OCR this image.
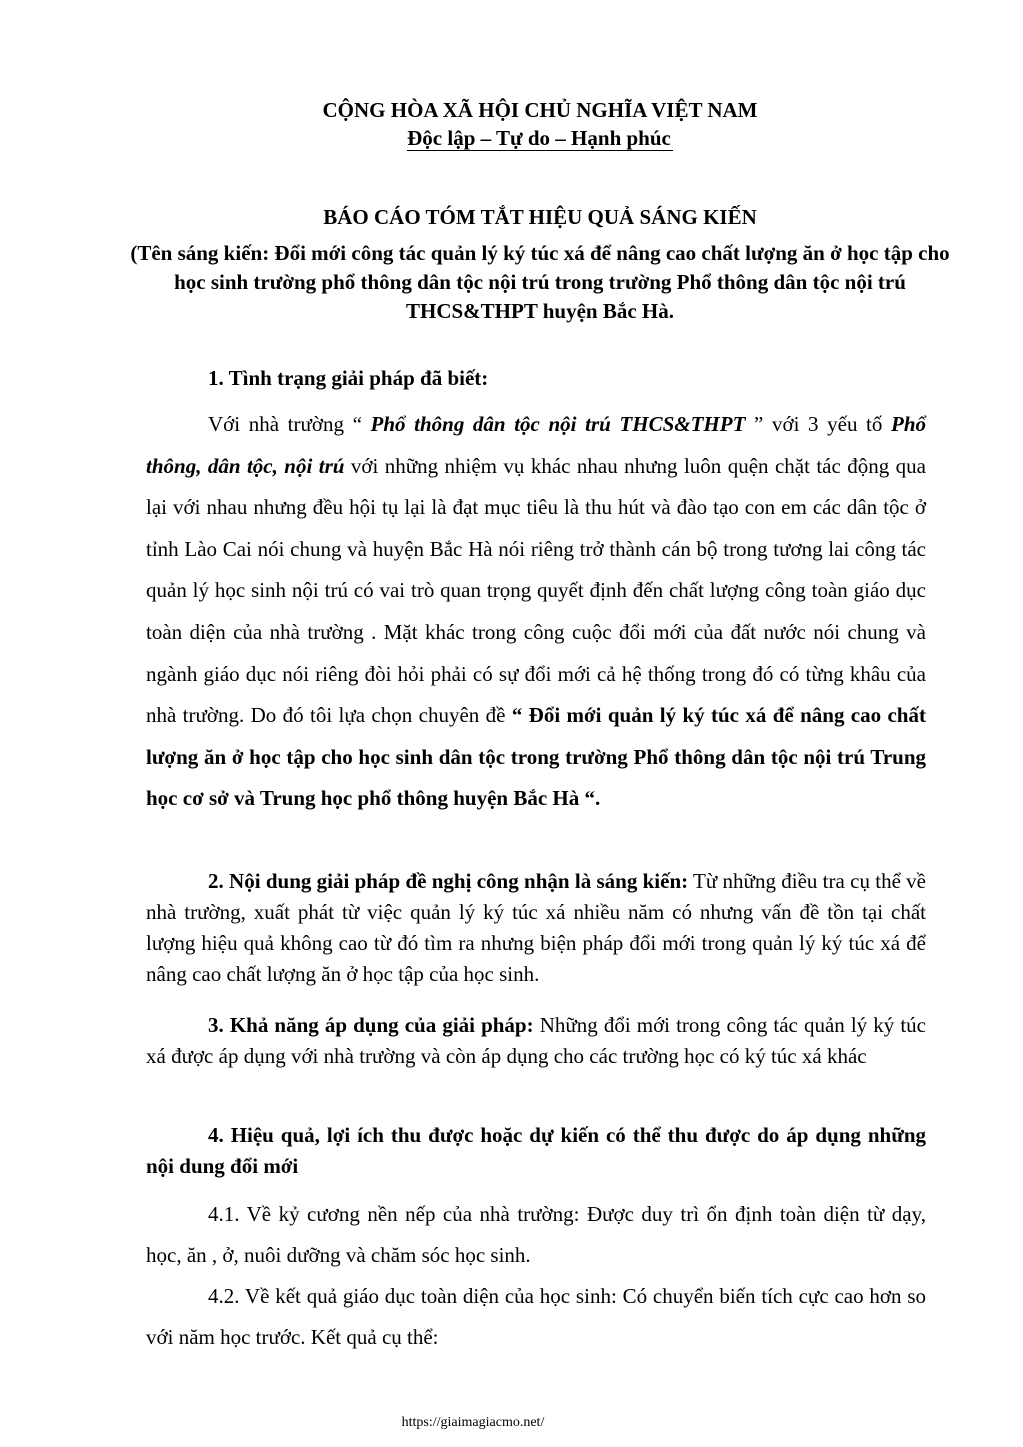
CỘNG HÒA XÃ HỘI CHỦ NGHĨA VIỆT NAM
Độc lập – Tự do – Hạnh phúc
BÁO CÁO TÓM TẮT HIỆU QUẢ SÁNG KIẾN
(Tên sáng kiến: Đổi mới công tác quản lý ký túc xá để nâng cao chất lượng ăn ở học tập cho học sinh trường phổ thông dân tộc nội trú trong trường Phổ thông dân tộc nội trú THCS&THPT huyện Bắc Hà.
1. Tình trạng giải pháp đã biết:
Với nhà trường “ Phổ thông dân tộc nội trú THCS&THPT ” với 3 yếu tố Phổ thông, dân tộc, nội trú với những nhiệm vụ khác nhau nhưng luôn quện chặt tác động qua lại với nhau nhưng đều hội tụ lại là đạt mục tiêu là thu hút và đào tạo con em các dân tộc ở tỉnh Lào Cai nói chung và huyện Bắc Hà nói riêng trở thành cán bộ trong tương lai công tác quản lý học sinh nội trú có vai trò quan trọng quyết định đến chất lượng công toàn giáo dục toàn diện của nhà trường . Mặt khác trong công cuộc đổi mới của đất nước nói chung và ngành giáo dục nói riêng đòi hỏi phải có sự đổi mới cả hệ thống trong đó có từng khâu của nhà trường. Do đó tôi lựa chọn chuyên đề “ Đổi mới quản lý ký túc xá để nâng cao chất lượng ăn ở học tập cho học sinh dân tộc trong trường Phổ thông dân tộc nội trú Trung học cơ sở và Trung học phổ thông huyện Bắc Hà “.
2. Nội dung giải pháp đề nghị công nhận là sáng kiến: Từ những điều tra cụ thể về nhà trường, xuất phát từ việc quản lý ký túc xá nhiều năm có nhưng vấn đề tồn tại chất lượng hiệu quả không cao từ đó tìm ra nhưng biện pháp đổi mới trong quản lý ký túc xá để nâng cao chất lượng ăn ở học tập của học sinh.
3. Khả năng áp dụng của giải pháp: Những đổi mới trong công tác quản lý ký túc xá được áp dụng với nhà trường và còn áp dụng cho các trường học có ký túc xá khác
4. Hiệu quả, lợi ích thu được hoặc dự kiến có thể thu được do áp dụng những nội dung đổi mới
4.1. Về kỷ cương nền nếp của nhà trường: Được duy trì ổn định toàn diện từ dạy, học, ăn , ở, nuôi dưỡng và chăm sóc học sinh.
4.2. Về kết quả giáo dục toàn diện của học sinh: Có chuyển biến tích cực cao hơn so với năm học trước. Kết quả cụ thể:
https://giaimagiacmo.net/
